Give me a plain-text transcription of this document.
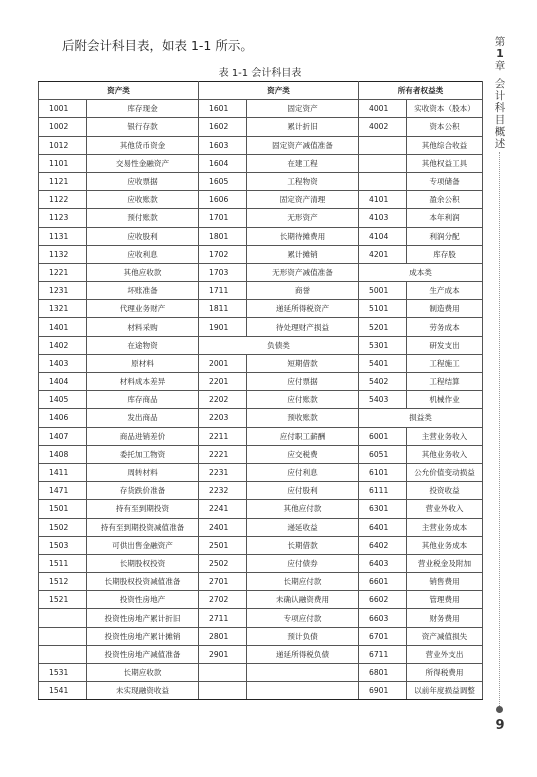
后附会计科目表，如表 1-1 所示。
表 1-1 会计科目表
资产类		资产类		所有者权益类	
1001	库存现金	1601	固定资产	4001	实收资本（股本）
1002	银行存款	1602	累计折旧	4002	资本公积
1012	其他货币资金	1603	固定资产减值准备		其他综合收益
1101	交易性金融资产	1604	在建工程		其他权益工具
1121	应收票据	1605	工程物资		专项储备
1122	应收账款	1606	固定资产清理	4101	盈余公积
1123	预付账款	1701	无形资产	4103	本年利润
1131	应收股利	1801	长期待摊费用	4104	利润分配
1132	应收利息	1702	累计摊销	4201	库存股
1221	其他应收款	1703	无形资产减值准备	成本类	
1231	坏账准备	1711	商誉	5001	生产成本
1321	代理业务财产	1811	递延所得税资产	5101	制造费用
1401	材料采购	1901	待处理财产损益	5201	劳务成本
1402	在途物资	负债类		5301	研发支出
1403	原材料	2001	短期借款	5401	工程施工
1404	材料成本差异	2201	应付票据	5402	工程结算
1405	库存商品	2202	应付账款	5403	机械作业
1406	发出商品	2203	预收账款	损益类	
1407	商品进销差价	2211	应付职工薪酬	6001	主营业务收入
1408	委托加工物资	2221	应交税费	6051	其他业务收入
1411	周转材料	2231	应付利息	6101	公允价值变动损益
1471	存货跌价准备	2232	应付股利	6111	投资收益
1501	持有至到期投资	2241	其他应付款	6301	营业外收入
1502	持有至到期投资减值准备	2401	递延收益	6401	主营业务成本
1503	可供出售金融资产	2501	长期借款	6402	其他业务成本
1511	长期股权投资	2502	应付债券	6403	营业税金及附加
1512	长期股权投资减值准备	2701	长期应付款	6601	销售费用
1521	投资性房地产	2702	未确认融资费用	6602	管理费用
	投资性房地产累计折旧	2711	专项应付款	6603	财务费用
	投资性房地产累计摊销	2801	预计负债	6701	资产减值损失
	投资性房地产减值准备	2901	递延所得税负债	6711	营业外支出
1531	长期应收款			6801	所得税费用
1541	未实现融资收益			6901	以前年度损益调整
第
1
章
会
计
科
目
概
述
9
